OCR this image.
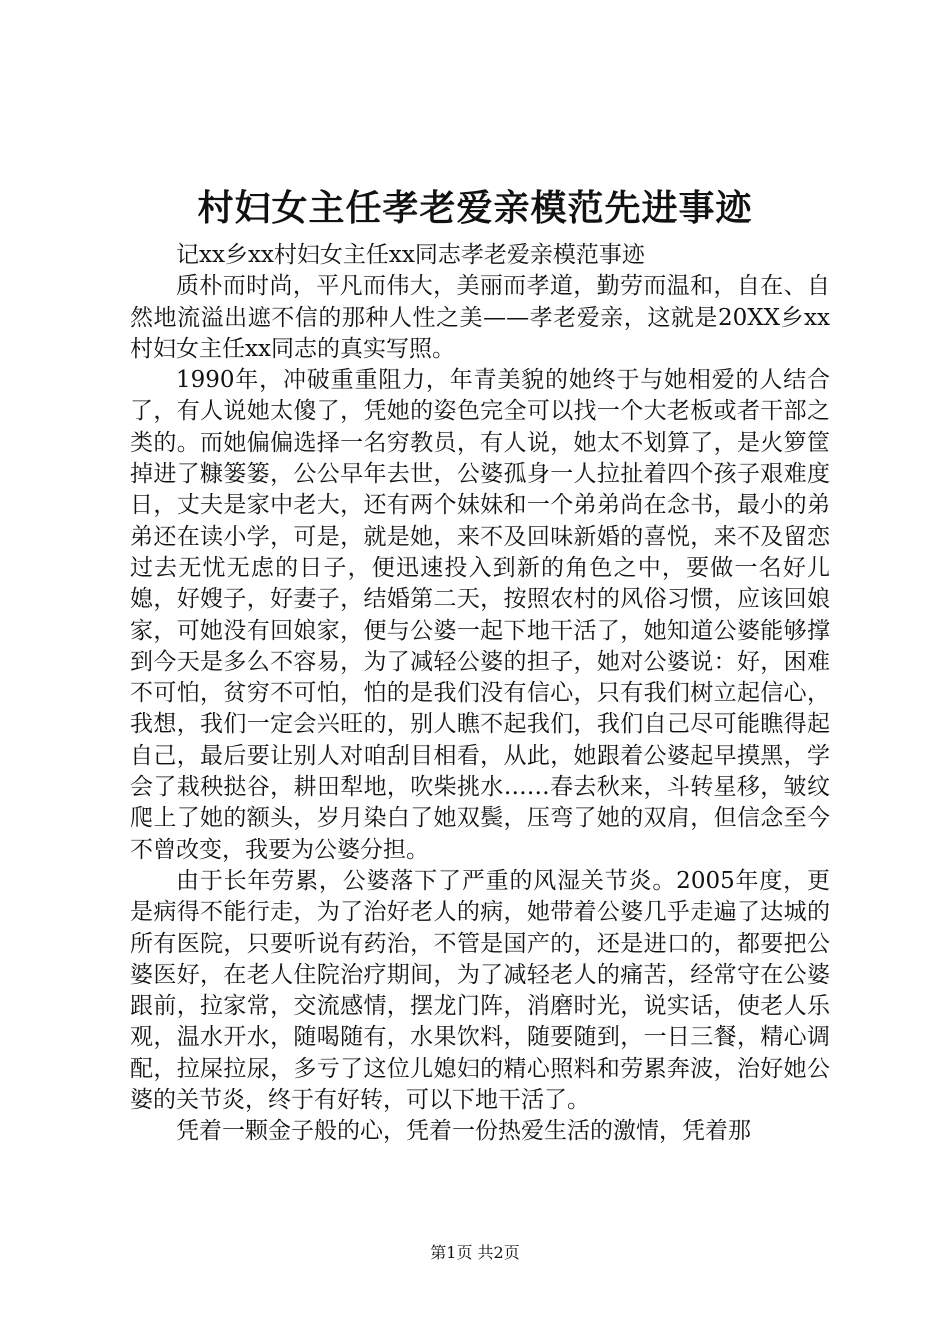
村妇女主任孝老爱亲模范先进事迹

记xx乡xx村妇女主任xx同志孝老爱亲模范事迹

质朴而时尚，平凡而伟大，美丽而孝道，勤劳而温和，自在、自然地流溢出遮不信的那种人性之美——孝老爱亲，这就是20XX乡xx村妇女主任xx同志的真实写照。

1990年，冲破重重阻力，年青美貌的她终于与她相爱的人结合了，有人说她太傻了，凭她的姿色完全可以找一个大老板或者干部之类的。而她偏偏选择一名穷教员，有人说，她太不划算了，是火箩筐掉进了糠篓篓，公公早年去世，公婆孤身一人拉扯着四个孩子艰难度日，丈夫是家中老大，还有两个妹妹和一个弟弟尚在念书，最小的弟弟还在读小学，可是，就是她，来不及回味新婚的喜悦，来不及留恋过去无忧无虑的日子，便迅速投入到新的角色之中，要做一名好儿媳，好嫂子，好妻子，结婚第二天，按照农村的风俗习惯，应该回娘家，可她没有回娘家，便与公婆一起下地干活了，她知道公婆能够撑到今天是多么不容易，为了减轻公婆的担子，她对公婆说：好，困难不可怕，贫穷不可怕，怕的是我们没有信心，只有我们树立起信心，我想，我们一定会兴旺的，别人瞧不起我们，我们自己尽可能瞧得起自己，最后要让别人对咱刮目相看，从此，她跟着公婆起早摸黑，学会了栽秧挞谷，耕田犁地，吹柴挑水……春去秋来，斗转星移，皱纹爬上了她的额头，岁月染白了她双鬓，压弯了她的双肩，但信念至今不曾改变，我要为公婆分担。

由于长年劳累，公婆落下了严重的风湿关节炎。2005年度，更是病得不能行走，为了治好老人的病，她带着公婆几乎走遍了达城的所有医院，只要听说有药治，不管是国产的，还是进口的，都要把公婆医好，在老人住院治疗期间，为了减轻老人的痛苦，经常守在公婆跟前，拉家常，交流感情，摆龙门阵，消磨时光，说实话，使老人乐观，温水开水，随喝随有，水果饮料，随要随到，一日三餐，精心调配，拉屎拉尿，多亏了这位儿媳妇的精心照料和劳累奔波，治好她公婆的关节炎，终于有好转，可以下地干活了。

凭着一颗金子般的心，凭着一份热爱生活的激情，凭着那

第1页 共2页
